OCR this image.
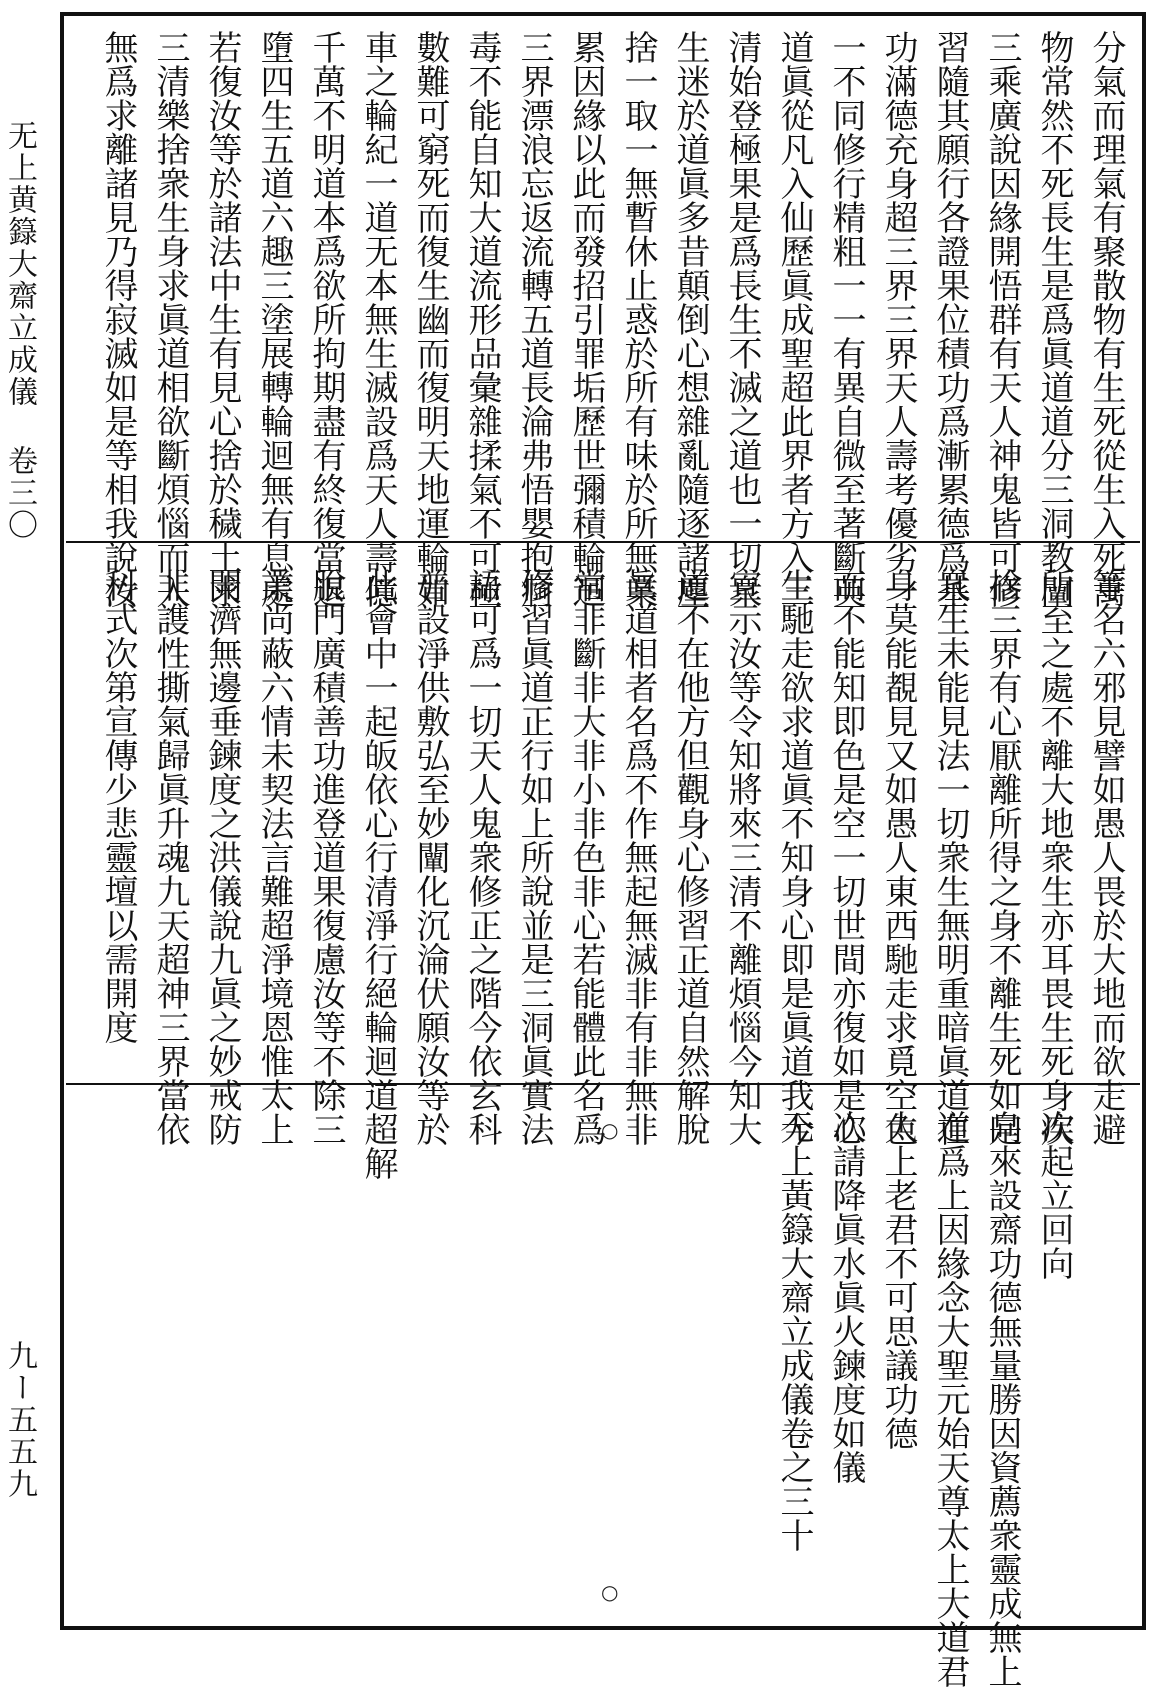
无上黄籙大齋立成儀 卷三〇
九ー五五九
分氣而理氣有聚散物有生死從生入死萬
物常然不死長生是爲眞道道分三洞教闡
三乘廣說因緣開悟群有天人神鬼皆可修
習隨其願行各證果位積功爲漸累德爲基
功滿德充身超三界三界天人壽考優劣一
一不同修行精粗一一有異自微至著斷英
道眞從凡入仙歷眞成聖超此界者方入三
清始登極果是爲長生不滅之道也一切衆
生迷於道眞多昔顛倒心想雜亂隨逐諸塵
捨一取一無暫休止惑於所有味於所無業
累因緣以此而發招引罪垢歷世彌積輪迴
三界漂浪忘返流轉五道長淪弗悟嬰抱痾
毒不能自知大道流形品彙雜揉氣不可極
數難可窮死而復生幽而復明天地運輪如
車之輪紀一道无本無生滅設爲天人壽億
千萬不明道本爲欲所拘期盡有終復當退
墮四生五道六趣三塗展轉輪迴無有息處
若復汝等於諸法中生有見心捨於穢土求
三清樂捨衆生身求眞道相欲斷煩惱而入
無爲求離諸見乃得寂滅如是等相我說汝
等名六邪見譬如愚人畏於大地而欲走避
所至之處不離大地衆生亦耳畏生死身疾
捨三界有心厭離所得之身不離生死如是
衆生未能見法一切衆生無明重暗眞道在
身莫能覩見又如愚人東西馳走求覓空色
而不能知即色是空一切世間亦復如是心
生馳走欲求道眞不知身心即是眞道我今
宣示汝等令知將來三清不離煩惱今知大
道不在他方但觀身心修習正道自然解脫
眞道相者名爲不作無起無滅非有非無非
常非斷非大非小非色非心若能體此名爲
修習眞道正行如上所說並是三洞眞實法
語可爲一切天人鬼衆修正之階今依玄科
普設淨供敷弘至妙闡化沉淪伏願汝等於
此會中一起皈依心行清淨行絕輪迴道超解
脫門廣積善功進登道果復慮汝等不除三
業尚蔽六情未契法言難超淨境恩惟太上
開濟無邊垂鍊度之洪儀說九眞之妙戒防
非謢性撕氣歸眞升魂九天超神三界當依
科式次第宣傳少悲靈壇以需開度
次起立回向
向來設齋功德無量勝因資薦衆靈成無上
道爲上因緣念大聖元始天尊太上大道君
太上老君不可思議功德
次請降眞水眞火鍊度如儀
无上黃籙大齋立成儀卷之三十
○
○
